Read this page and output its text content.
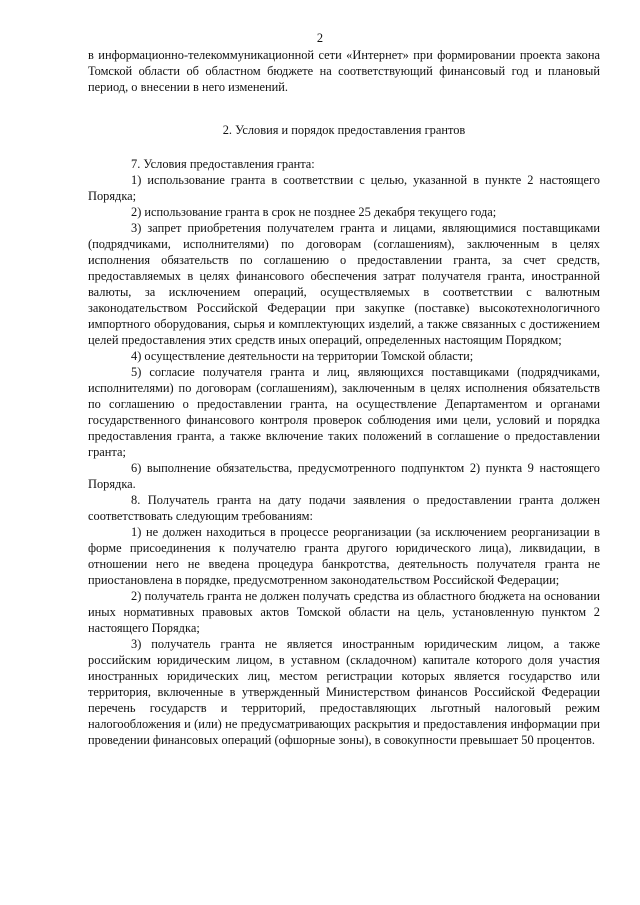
2

в информационно-телекоммуникационной сети «Интернет» при формировании проекта закона Томской области об областном бюджете на соответствующий финансовый год и плановый период, о внесении в него изменений.

2. Условия и порядок предоставления грантов

7. Условия предоставления гранта:

1) использование гранта в соответствии с целью, указанной в пункте 2 настоящего Порядка;

2) использование гранта в срок не позднее 25 декабря текущего года;

3) запрет приобретения получателем гранта и лицами, являющимися поставщиками (подрядчиками, исполнителями) по договорам (соглашениям), заключенным в целях исполнения обязательств по соглашению о предоставлении гранта, за счет средств, предоставляемых в целях финансового обеспечения затрат получателя гранта, иностранной валюты, за исключением операций, осуществляемых в соответствии с валютным законодательством Российской Федерации при закупке (поставке) высокотехнологичного импортного оборудования, сырья и комплектующих изделий, а также связанных с достижением целей предоставления этих средств иных операций, определенных настоящим Порядком;

4) осуществление деятельности на территории Томской области;

5) согласие получателя гранта и лиц, являющихся поставщиками (подрядчиками, исполнителями) по договорам (соглашениям), заключенным в целях исполнения обязательств по соглашению о предоставлении гранта, на осуществление Департаментом и органами государственного финансового контроля проверок соблюдения ими цели, условий и порядка предоставления гранта, а также включение таких положений в соглашение о предоставлении гранта;

6) выполнение обязательства, предусмотренного подпунктом 2) пункта 9 настоящего Порядка.

8. Получатель гранта на дату подачи заявления о предоставлении гранта должен соответствовать следующим требованиям:

1) не должен находиться в процессе реорганизации (за исключением реорганизации в форме присоединения к получателю гранта другого юридического лица), ликвидации, в отношении него не введена процедура банкротства, деятельность получателя гранта не приостановлена в порядке, предусмотренном законодательством Российской Федерации;

2) получатель гранта не должен получать средства из областного бюджета на основании иных нормативных правовых актов Томской области на цель, установленную пунктом 2 настоящего Порядка;

3) получатель гранта не является иностранным юридическим лицом, а также российским юридическим лицом, в уставном (складочном) капитале которого доля участия иностранных юридических лиц, местом регистрации которых является государство или территория, включенные в утвержденный Министерством финансов Российской Федерации перечень государств и территорий, предоставляющих льготный налоговый режим налогообложения и (или) не предусматривающих раскрытия и предоставления информации при проведении финансовых операций (офшорные зоны), в совокупности превышает 50 процентов.
